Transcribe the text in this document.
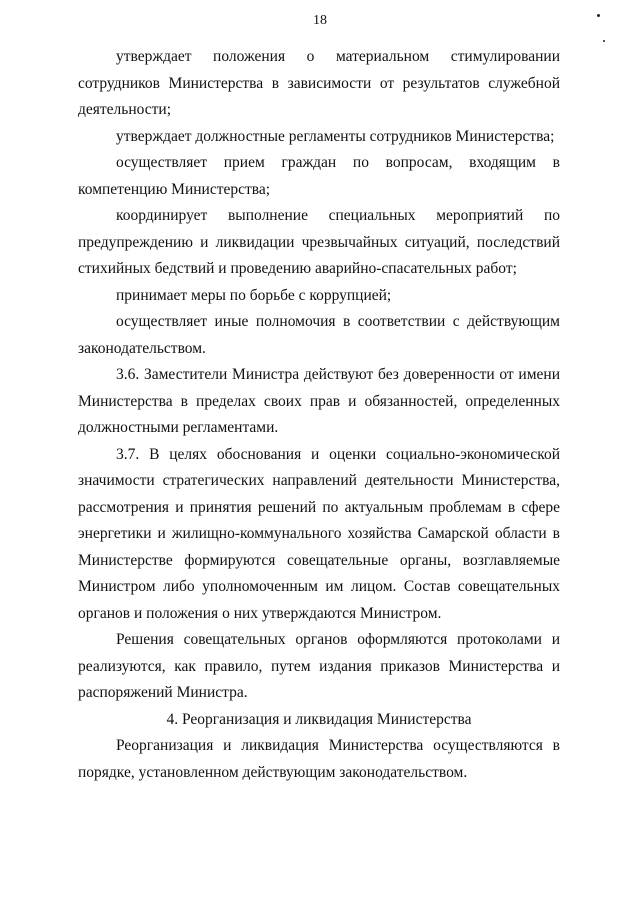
18

утверждает положения о материальном стимулировании сотрудников Министерства в зависимости от результатов служебной деятельности;

утверждает должностные регламенты сотрудников Министерства;

осуществляет прием граждан по вопросам, входящим в компетенцию Министерства;

координирует выполнение специальных мероприятий по предупреждению и ликвидации чрезвычайных ситуаций, последствий стихийных бедствий и проведению аварийно-спасательных работ;

принимает меры по борьбе с коррупцией;

осуществляет иные полномочия в соответствии с действующим законодательством.

3.6. Заместители Министра действуют без доверенности от имени Министерства в пределах своих прав и обязанностей, определенных должностными регламентами.

3.7. В целях обоснования и оценки социально-экономической значимости стратегических направлений деятельности Министерства, рассмотрения и принятия решений по актуальным проблемам в сфере энергетики и жилищно-коммунального хозяйства Самарской области в Министерстве формируются совещательные органы, возглавляемые Министром либо уполномоченным им лицом. Состав совещательных органов и положения о них утверждаются Министром.

Решения совещательных органов оформляются протоколами и реализуются, как правило, путем издания приказов Министерства и распоряжений Министра.

4. Реорганизация и ликвидация Министерства

Реорганизация и ликвидация Министерства осуществляются в порядке, установленном действующим законодательством.
